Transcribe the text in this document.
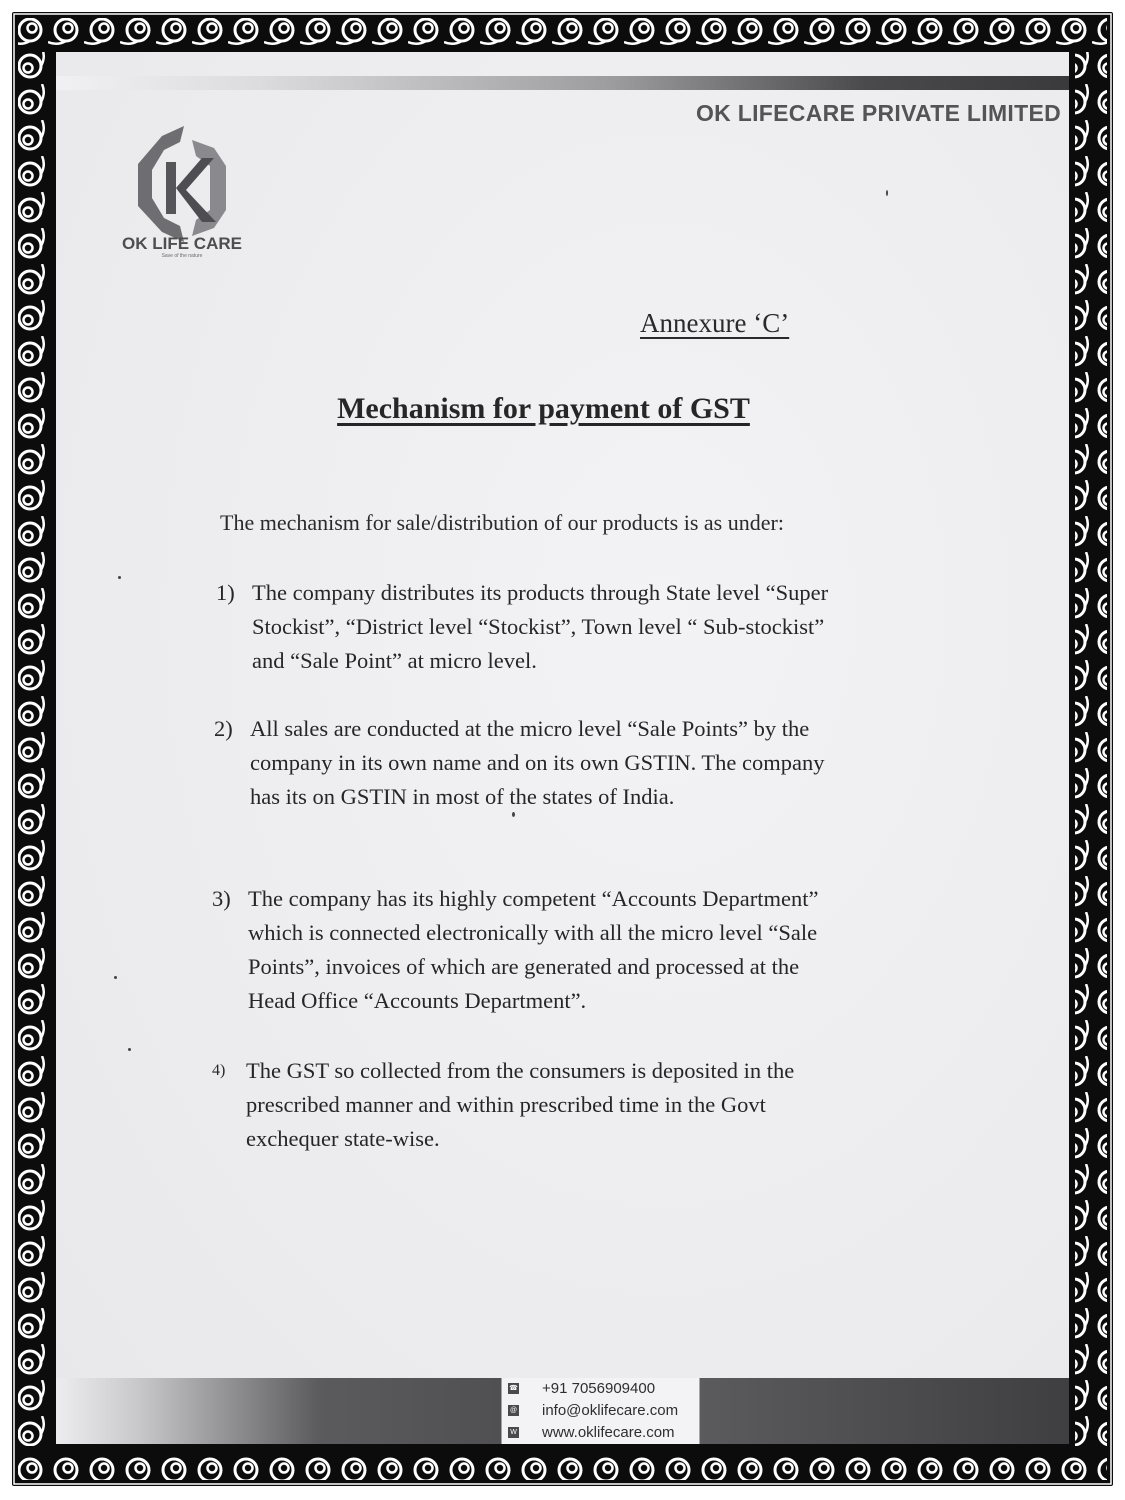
OK LIFECARE PRIVATE LIMITED
OK LIFE CARE
Save of the nature
Annexure ‘C’
Mechanism for payment of GST
The mechanism for sale/distribution of our products is as under:
1) The company distributes its products through State level “Super
Stockist”, “District level “Stockist”, Town level “ Sub-stockist”
and “Sale Point” at micro level.
2) All sales are conducted at the micro level “Sale Points” by the
company in its own name and on its own GSTIN. The company
has its on GSTIN in most of the states of India.
3) The company has its highly competent “Accounts Department”
which is connected electronically with all the micro level “Sale
Points”, invoices of which are generated and processed at the
Head Office “Accounts Department”.
4) The GST so collected from the consumers is deposited in the
prescribed manner and within prescribed time in the Govt
exchequer state-wise.
☎ +91 7056909400
@ info@oklifecare.com
W www.oklifecare.com
